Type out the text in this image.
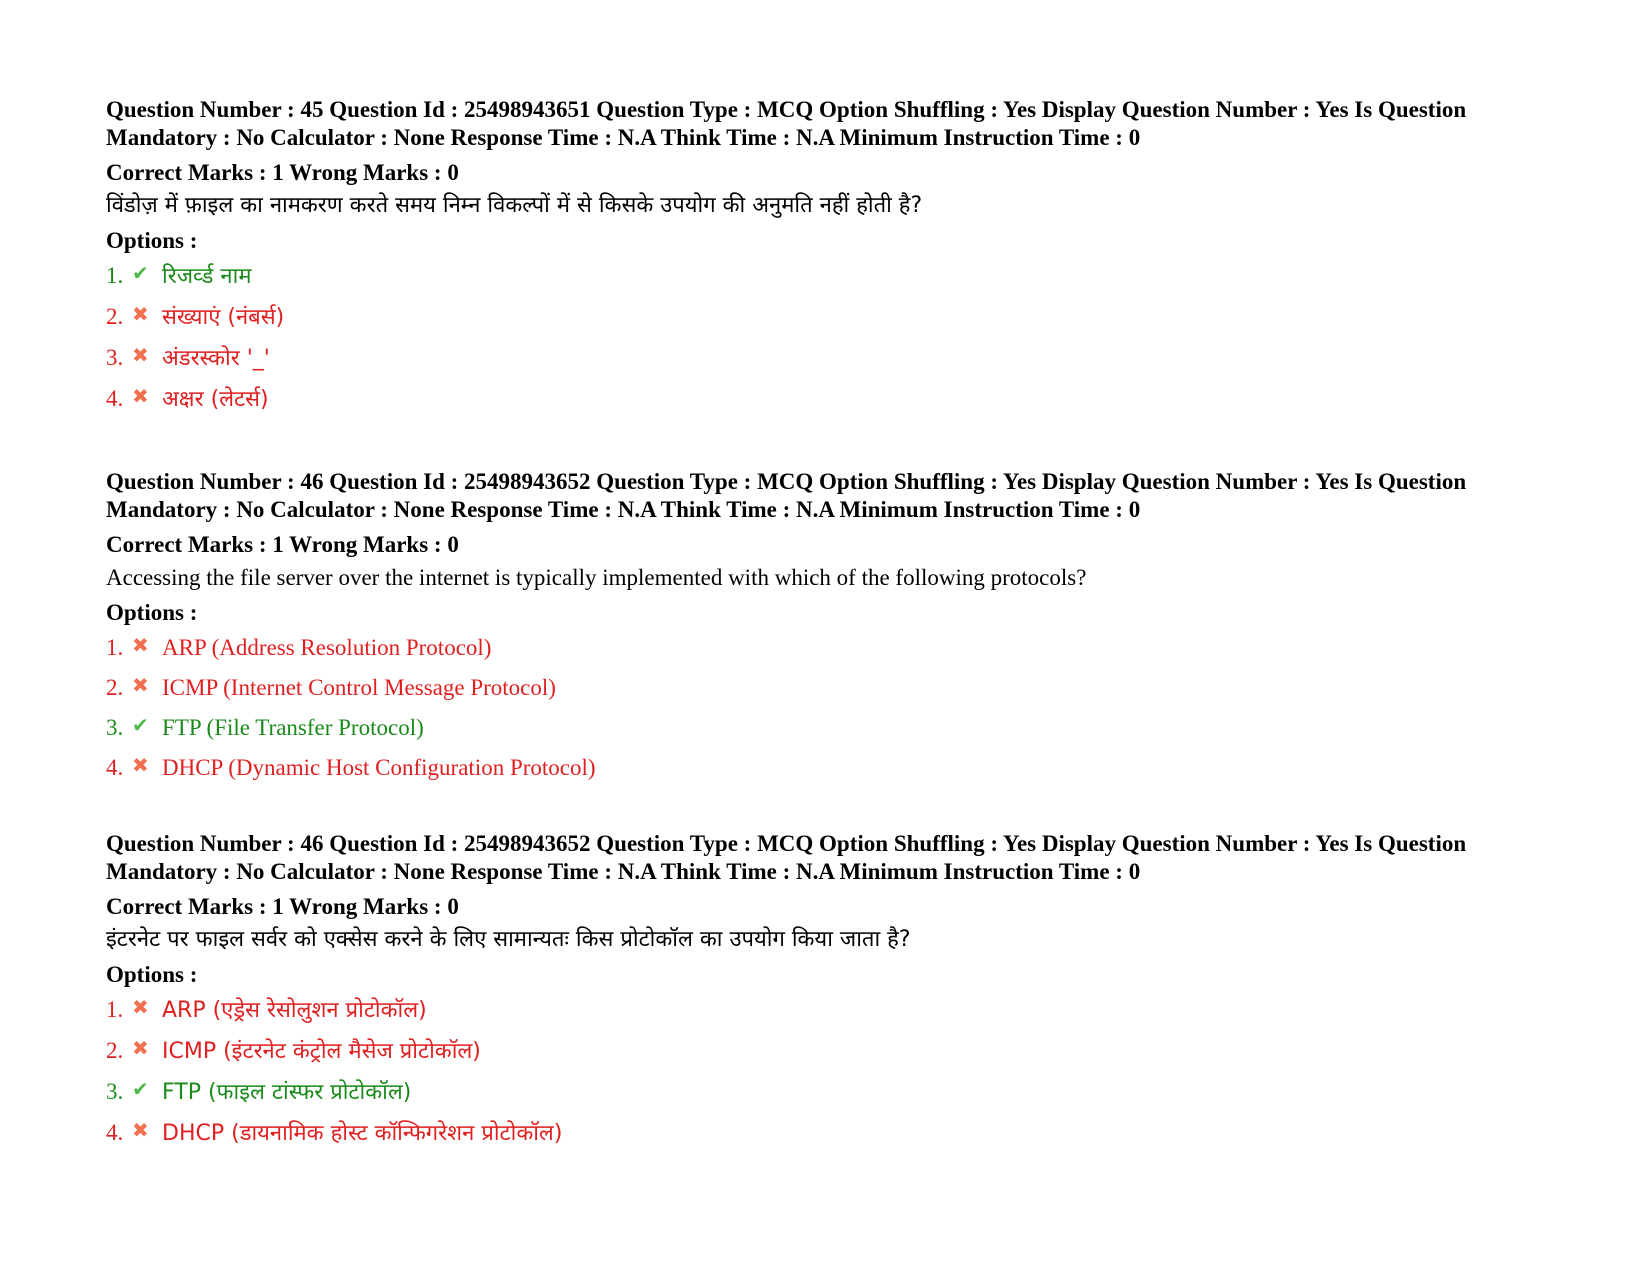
Question Number : 45 Question Id : 25498943651 Question Type : MCQ Option Shuffling : Yes Display Question Number : Yes Is Question Mandatory : No Calculator : None Response Time : N.A Think Time : N.A Minimum Instruction Time : 0
Correct Marks : 1 Wrong Marks : 0
विंडोज़ में फ़ाइल का नामकरण करते समय निम्न विकल्पों में से किसके उपयोग की अनुमति नहीं होती है?
Options :
1. ✔ रिजर्व्ड नाम
2. ✖ संख्याएं (नंबर्स)
3. ✖ अंडरस्कोर '_'
4. ✖ अक्षर (लेटर्स)
Question Number : 46 Question Id : 25498943652 Question Type : MCQ Option Shuffling : Yes Display Question Number : Yes Is Question Mandatory : No Calculator : None Response Time : N.A Think Time : N.A Minimum Instruction Time : 0
Correct Marks : 1 Wrong Marks : 0
Accessing the file server over the internet is typically implemented with which of the following protocols?
Options :
1. ✖ ARP (Address Resolution Protocol)
2. ✖ ICMP (Internet Control Message Protocol)
3. ✔ FTP (File Transfer Protocol)
4. ✖ DHCP (Dynamic Host Configuration Protocol)
Question Number : 46 Question Id : 25498943652 Question Type : MCQ Option Shuffling : Yes Display Question Number : Yes Is Question Mandatory : No Calculator : None Response Time : N.A Think Time : N.A Minimum Instruction Time : 0
Correct Marks : 1 Wrong Marks : 0
इंटरनेट पर फाइल सर्वर को एक्सेस करने के लिए सामान्यतः किस प्रोटोकॉल का उपयोग किया जाता है?
Options :
1. ✖ ARP (एड्रेस रेसोलुशन प्रोटोकॉल)
2. ✖ ICMP (इंटरनेट कंट्रोल मैसेज प्रोटोकॉल)
3. ✔ FTP (फाइल टांस्फर प्रोटोकॉल)
4. ✖ DHCP (डायनामिक होस्ट कॉन्फिगरेशन प्रोटोकॉल)
